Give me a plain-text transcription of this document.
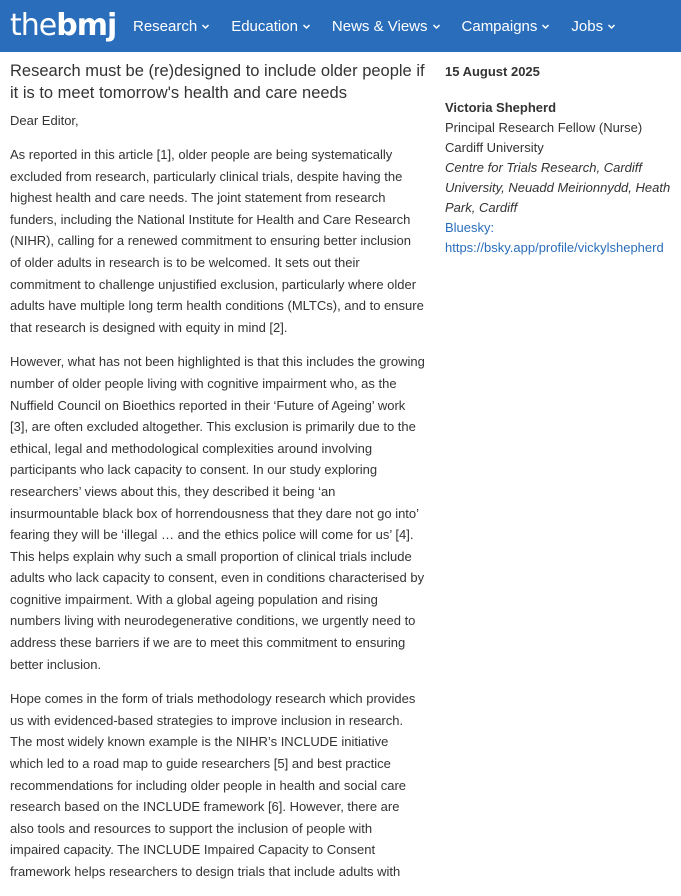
thebmj Research Education News & Views Campaigns Jobs
Research must be (re)designed to include older people if it is to meet tomorrow's health and care needs

Dear Editor,

As reported in this article [1], older people are being systematically excluded from research, particularly clinical trials, despite having the highest health and care needs. The joint statement from research funders, including the National Institute for Health and Care Research (NIHR), calling for a renewed commitment to ensuring better inclusion of older adults in research is to be welcomed. It sets out their commitment to challenge unjustified exclusion, particularly where older adults have multiple long term health conditions (MLTCs), and to ensure that research is designed with equity in mind [2].

However, what has not been highlighted is that this includes the growing number of older people living with cognitive impairment who, as the Nuffield Council on Bioethics reported in their ‘Future of Ageing’ work [3], are often excluded altogether. This exclusion is primarily due to the ethical, legal and methodological complexities around involving participants who lack capacity to consent. In our study exploring researchers’ views about this, they described it being ‘an insurmountable black box of horrendousness that they dare not go into’ fearing they will be ‘illegal … and the ethics police will come for us’ [4]. This helps explain why such a small proportion of clinical trials include adults who lack capacity to consent, even in conditions characterised by cognitive impairment. With a global ageing population and rising numbers living with neurodegenerative conditions, we urgently need to address these barriers if we are to meet this commitment to ensuring better inclusion.

Hope comes in the form of trials methodology research which provides us with evidenced-based strategies to improve inclusion in research. The most widely known example is the NIHR’s INCLUDE initiative which led to a road map to guide researchers [5] and best practice recommendations for including older people in health and social care research based on the INCLUDE framework [6]. However, there are also tools and resources to support the inclusion of people with impaired capacity. The INCLUDE Impaired Capacity to Consent framework helps researchers to design trials that include adults with

15 August 2025
Victoria Shepherd
Principal Research Fellow (Nurse)
Cardiff University
Centre for Trials Research, Cardiff University, Neuadd Meirionnydd, Heath Park, Cardiff
Bluesky:
https://bsky.app/profile/vickylshepherd
